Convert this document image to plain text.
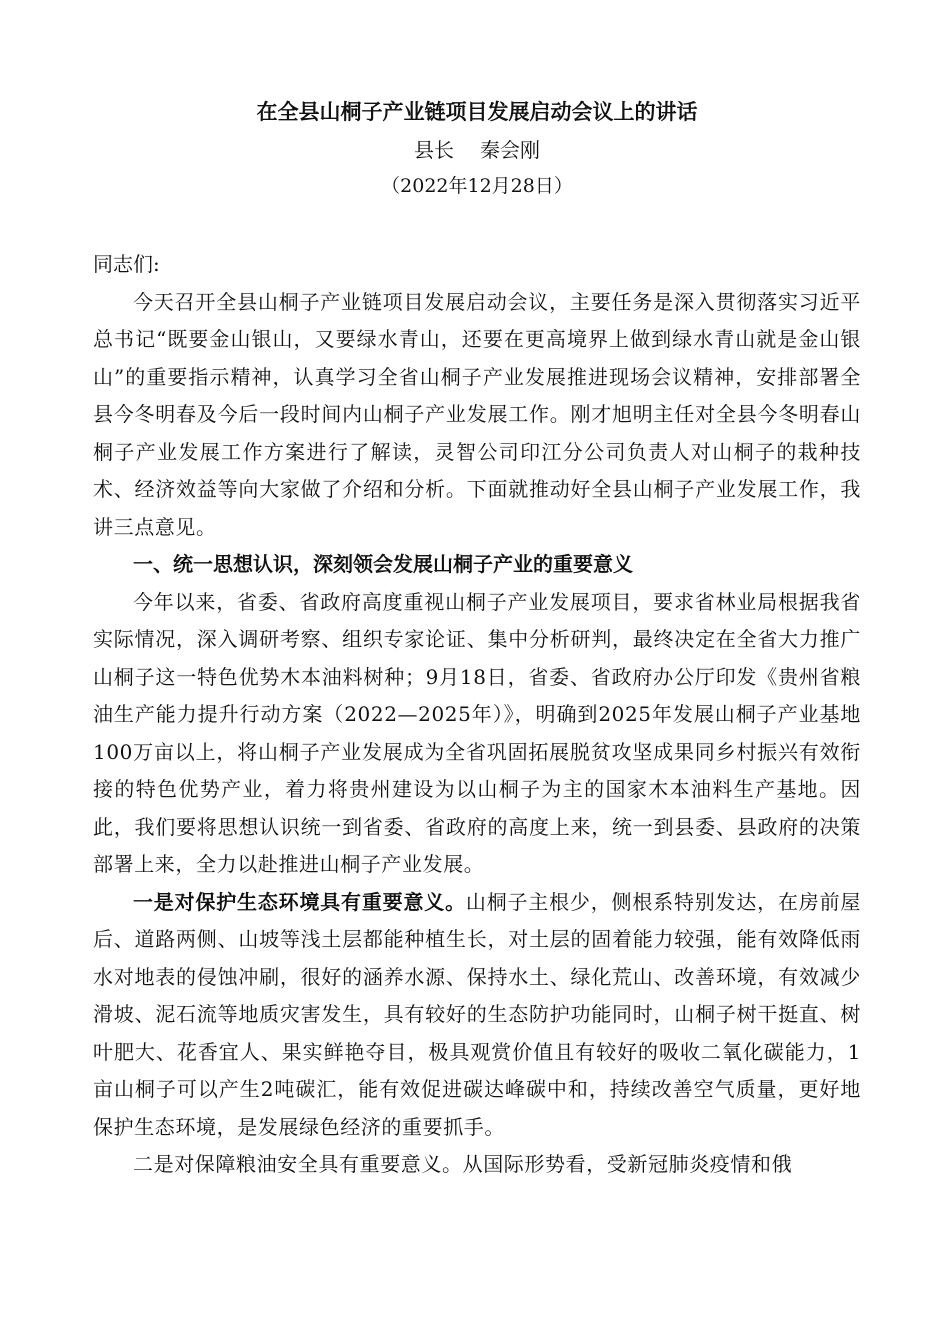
在全县山桐子产业链项目发展启动会议上的讲话

县长 秦会刚

（2022年12月28日）

同志们:

今天召开全县山桐子产业链项目发展启动会议，主要任务是深入贯彻落实习近平总书记“既要金山银山，又要绿水青山，还要在更高境界上做到绿水青山就是金山银山”的重要指示精神，认真学习全省山桐子产业发展推进现场会议精神，安排部署全县今冬明春及今后一段时间内山桐子产业发展工作。刚才旭明主任对全县今冬明春山桐子产业发展工作方案进行了解读，灵智公司印江分公司负责人对山桐子的栽种技术、经济效益等向大家做了介绍和分析。下面就推动好全县山桐子产业发展工作，我讲三点意见。

一、统一思想认识，深刻领会发展山桐子产业的重要意义

今年以来，省委、省政府高度重视山桐子产业发展项目，要求省林业局根据我省实际情况，深入调研考察、组织专家论证、集中分析研判，最终决定在全省大力推广山桐子这一特色优势木本油料树种；9月18日，省委、省政府办公厅印发《贵州省粮油生产能力提升行动方案（2022—2025年）》，明确到2025年发展山桐子产业基地100万亩以上，将山桐子产业发展成为全省巩固拓展脱贫攻坚成果同乡村振兴有效衔接的特色优势产业，着力将贵州建设为以山桐子为主的国家木本油料生产基地。因此，我们要将思想认识统一到省委、省政府的高度上来，统一到县委、县政府的决策部署上来，全力以赴推进山桐子产业发展。

一是对保护生态环境具有重要意义。山桐子主根少，侧根系特别发达，在房前屋后、道路两侧、山坡等浅土层都能种植生长，对土层的固着能力较强，能有效降低雨水对地表的侵蚀冲刷，很好的涵养水源、保持水土、绿化荒山、改善环境，有效减少滑坡、泥石流等地质灾害发生，具有较好的生态防护功能同时，山桐子树干挺直、树叶肥大、花香宜人、果实鲜艳夺目，极具观赏价值且有较好的吸收二氧化碳能力，1亩山桐子可以产生2吨碳汇，能有效促进碳达峰碳中和，持续改善空气质量，更好地保护生态环境，是发展绿色经济的重要抓手。

二是对保障粮油安全具有重要意义。从国际形势看，受新冠肺炎疫情和俄
